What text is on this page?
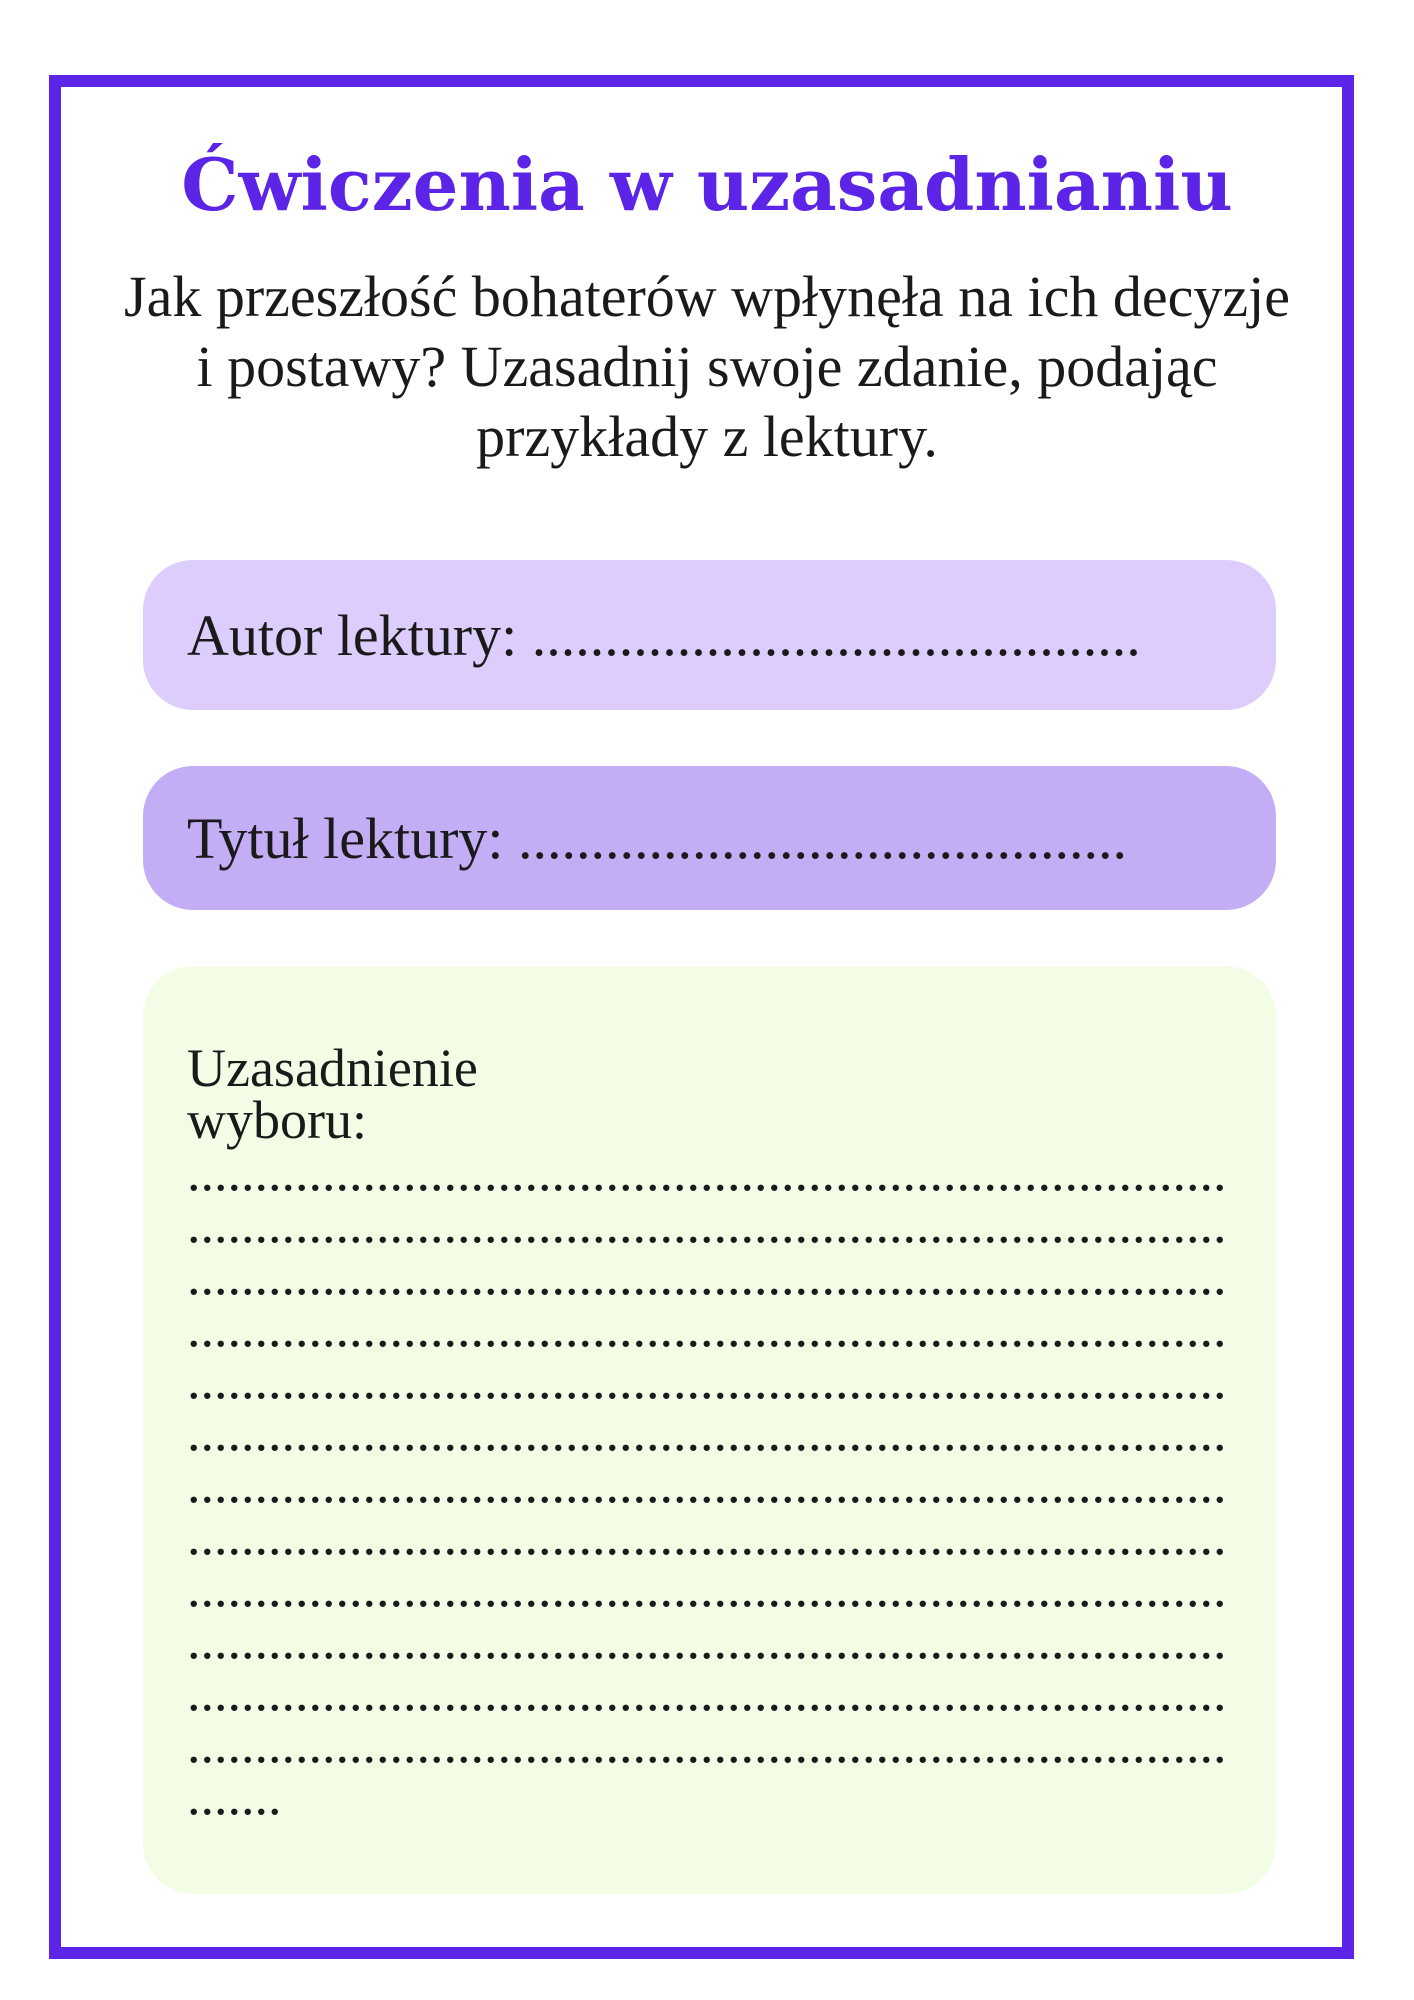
Ćwiczenia w uzasadnianiu

Jak przeszłość bohaterów wpłynęła na ich decyzje i postawy? Uzasadnij swoje zdanie, podając przykłady z lektury.

Autor lektury: ..........................................
Tytuł lektury: ..........................................
Uzasadnienie
wyboru: ...................................................................................................................................................................................................................................................................................................................................................................................................................................................................................................................................................................................................................................................................................................................................................................................................................................................................................................................................................................
